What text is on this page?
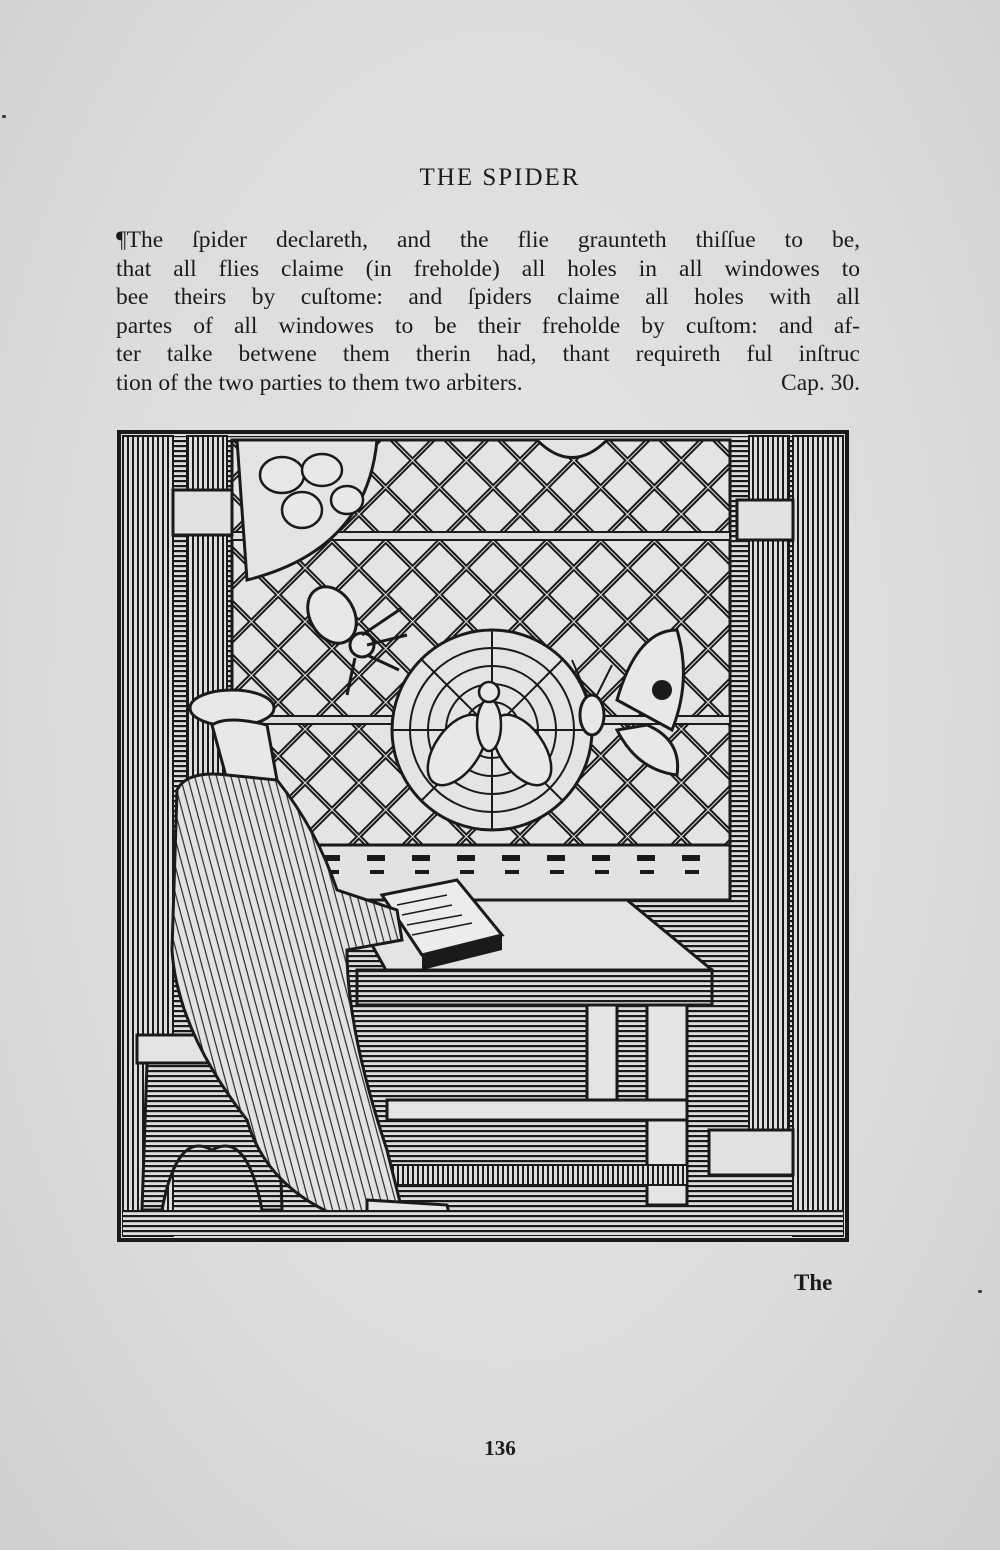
THE SPIDER
¶The ſpider declareth, and the flie graunteth thiſſue to be,
that all flies claime (in freholde) all holes in all windowes to
bee theirs by cuſtome: and ſpiders claime all holes with all
partes of all windowes to be their freholde by cuſtom: and af-
ter talke betwene them therin had, thant requireth ful inſtruc
tion of the two parties to them two arbiters.	Cap. 30.
The
136
